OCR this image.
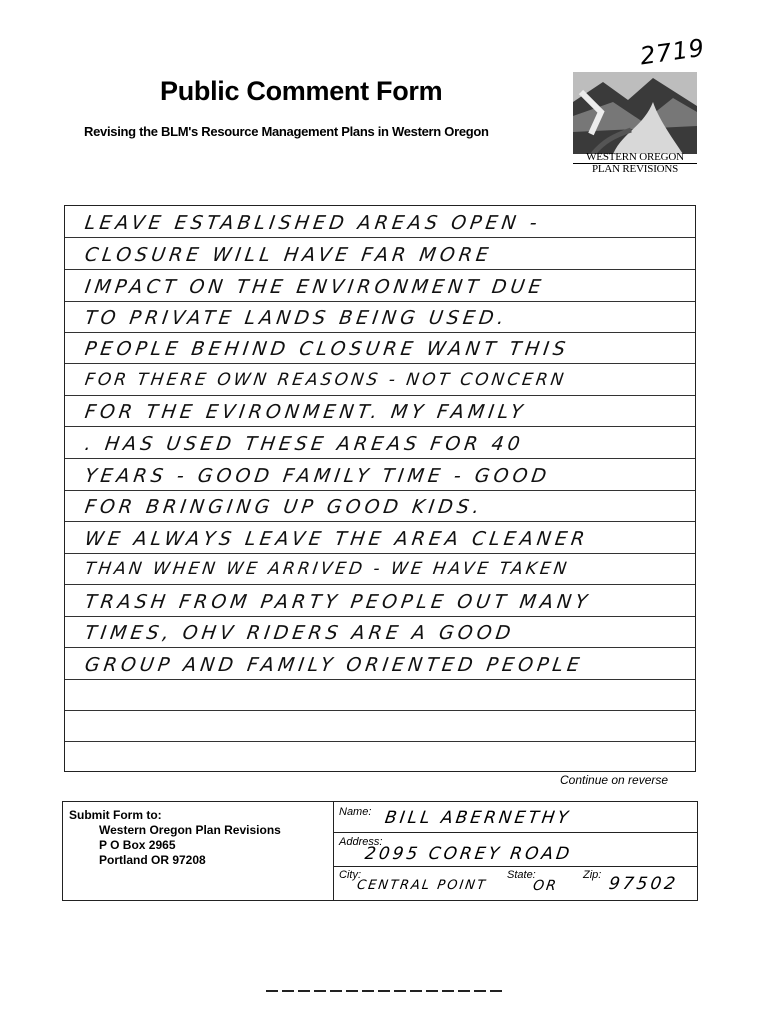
2719
Public Comment Form
Revising the BLM's Resource Management Plans in Western Oregon
WESTERN OREGON
PLAN REVISIONS
LEAVE ESTABLISHED AREAS OPEN -
CLOSURE WILL HAVE FAR MORE
IMPACT ON THE ENVIRONMENT DUE
TO PRIVATE LANDS BEING USED.
PEOPLE BEHIND CLOSURE WANT THIS
FOR THERE OWN REASONS - NOT CONCERN
FOR THE EVIRONMENT. MY FAMILY
. HAS USED THESE AREAS FOR 40
YEARS - GOOD FAMILY TIME - GOOD
FOR BRINGING UP GOOD KIDS.
WE ALWAYS LEAVE THE AREA CLEANER
THAN WHEN WE ARRIVED - WE HAVE TAKEN
TRASH FROM PARTY PEOPLE OUT MANY
TIMES, OHV RIDERS ARE A GOOD
GROUP AND FAMILY ORIENTED PEOPLE
Continue on reverse
Submit Form to:
Western Oregon Plan Revisions
P O Box 2965
Portland OR 97208
Name: BILL ABERNETHY
Address:
2095 COREY ROAD
City:
CENTRAL POINT
State:
OR
Zip: 97502
